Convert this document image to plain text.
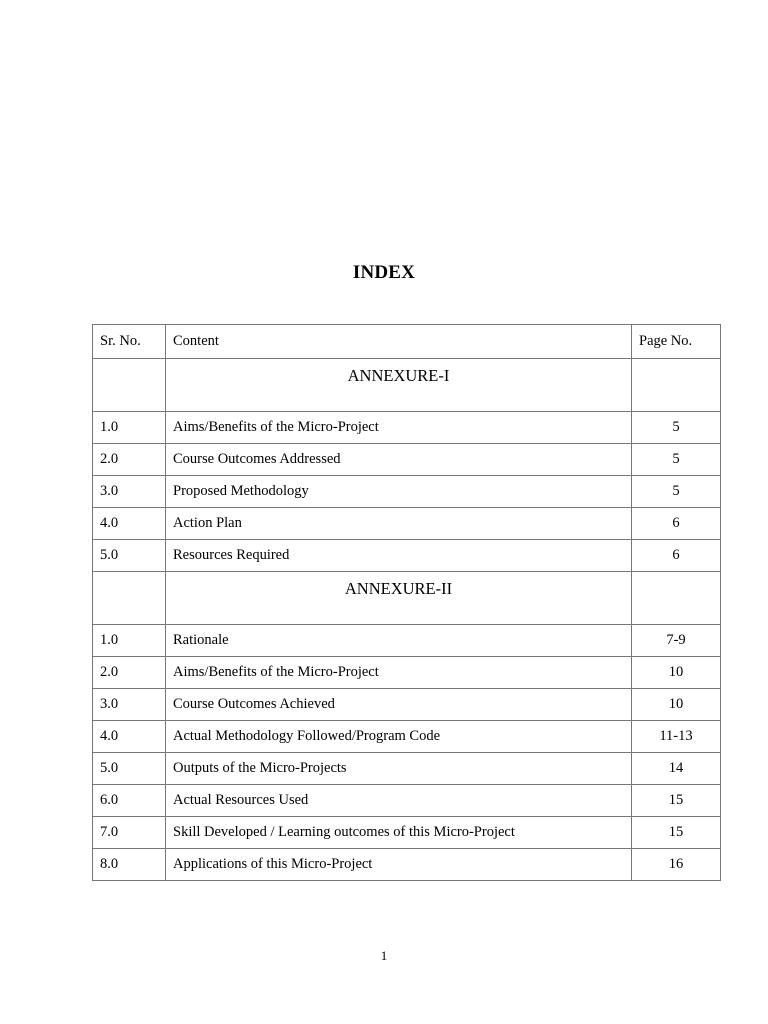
INDEX
Sr. No.	Content	Page No.
	ANNEXURE-I	
1.0	Aims/Benefits of the Micro-Project	5
2.0	Course Outcomes Addressed	5
3.0	Proposed Methodology	5
4.0	Action Plan	6
5.0	Resources Required	6
	ANNEXURE-II	
1.0	Rationale	7-9
2.0	Aims/Benefits of the Micro-Project	10
3.0	Course Outcomes Achieved	10
4.0	Actual Methodology Followed/Program Code	11-13
5.0	Outputs of the Micro-Projects	14
6.0	Actual Resources Used	15
7.0	Skill Developed / Learning outcomes of this Micro-Project	15
8.0	Applications of this Micro-Project	16
1
